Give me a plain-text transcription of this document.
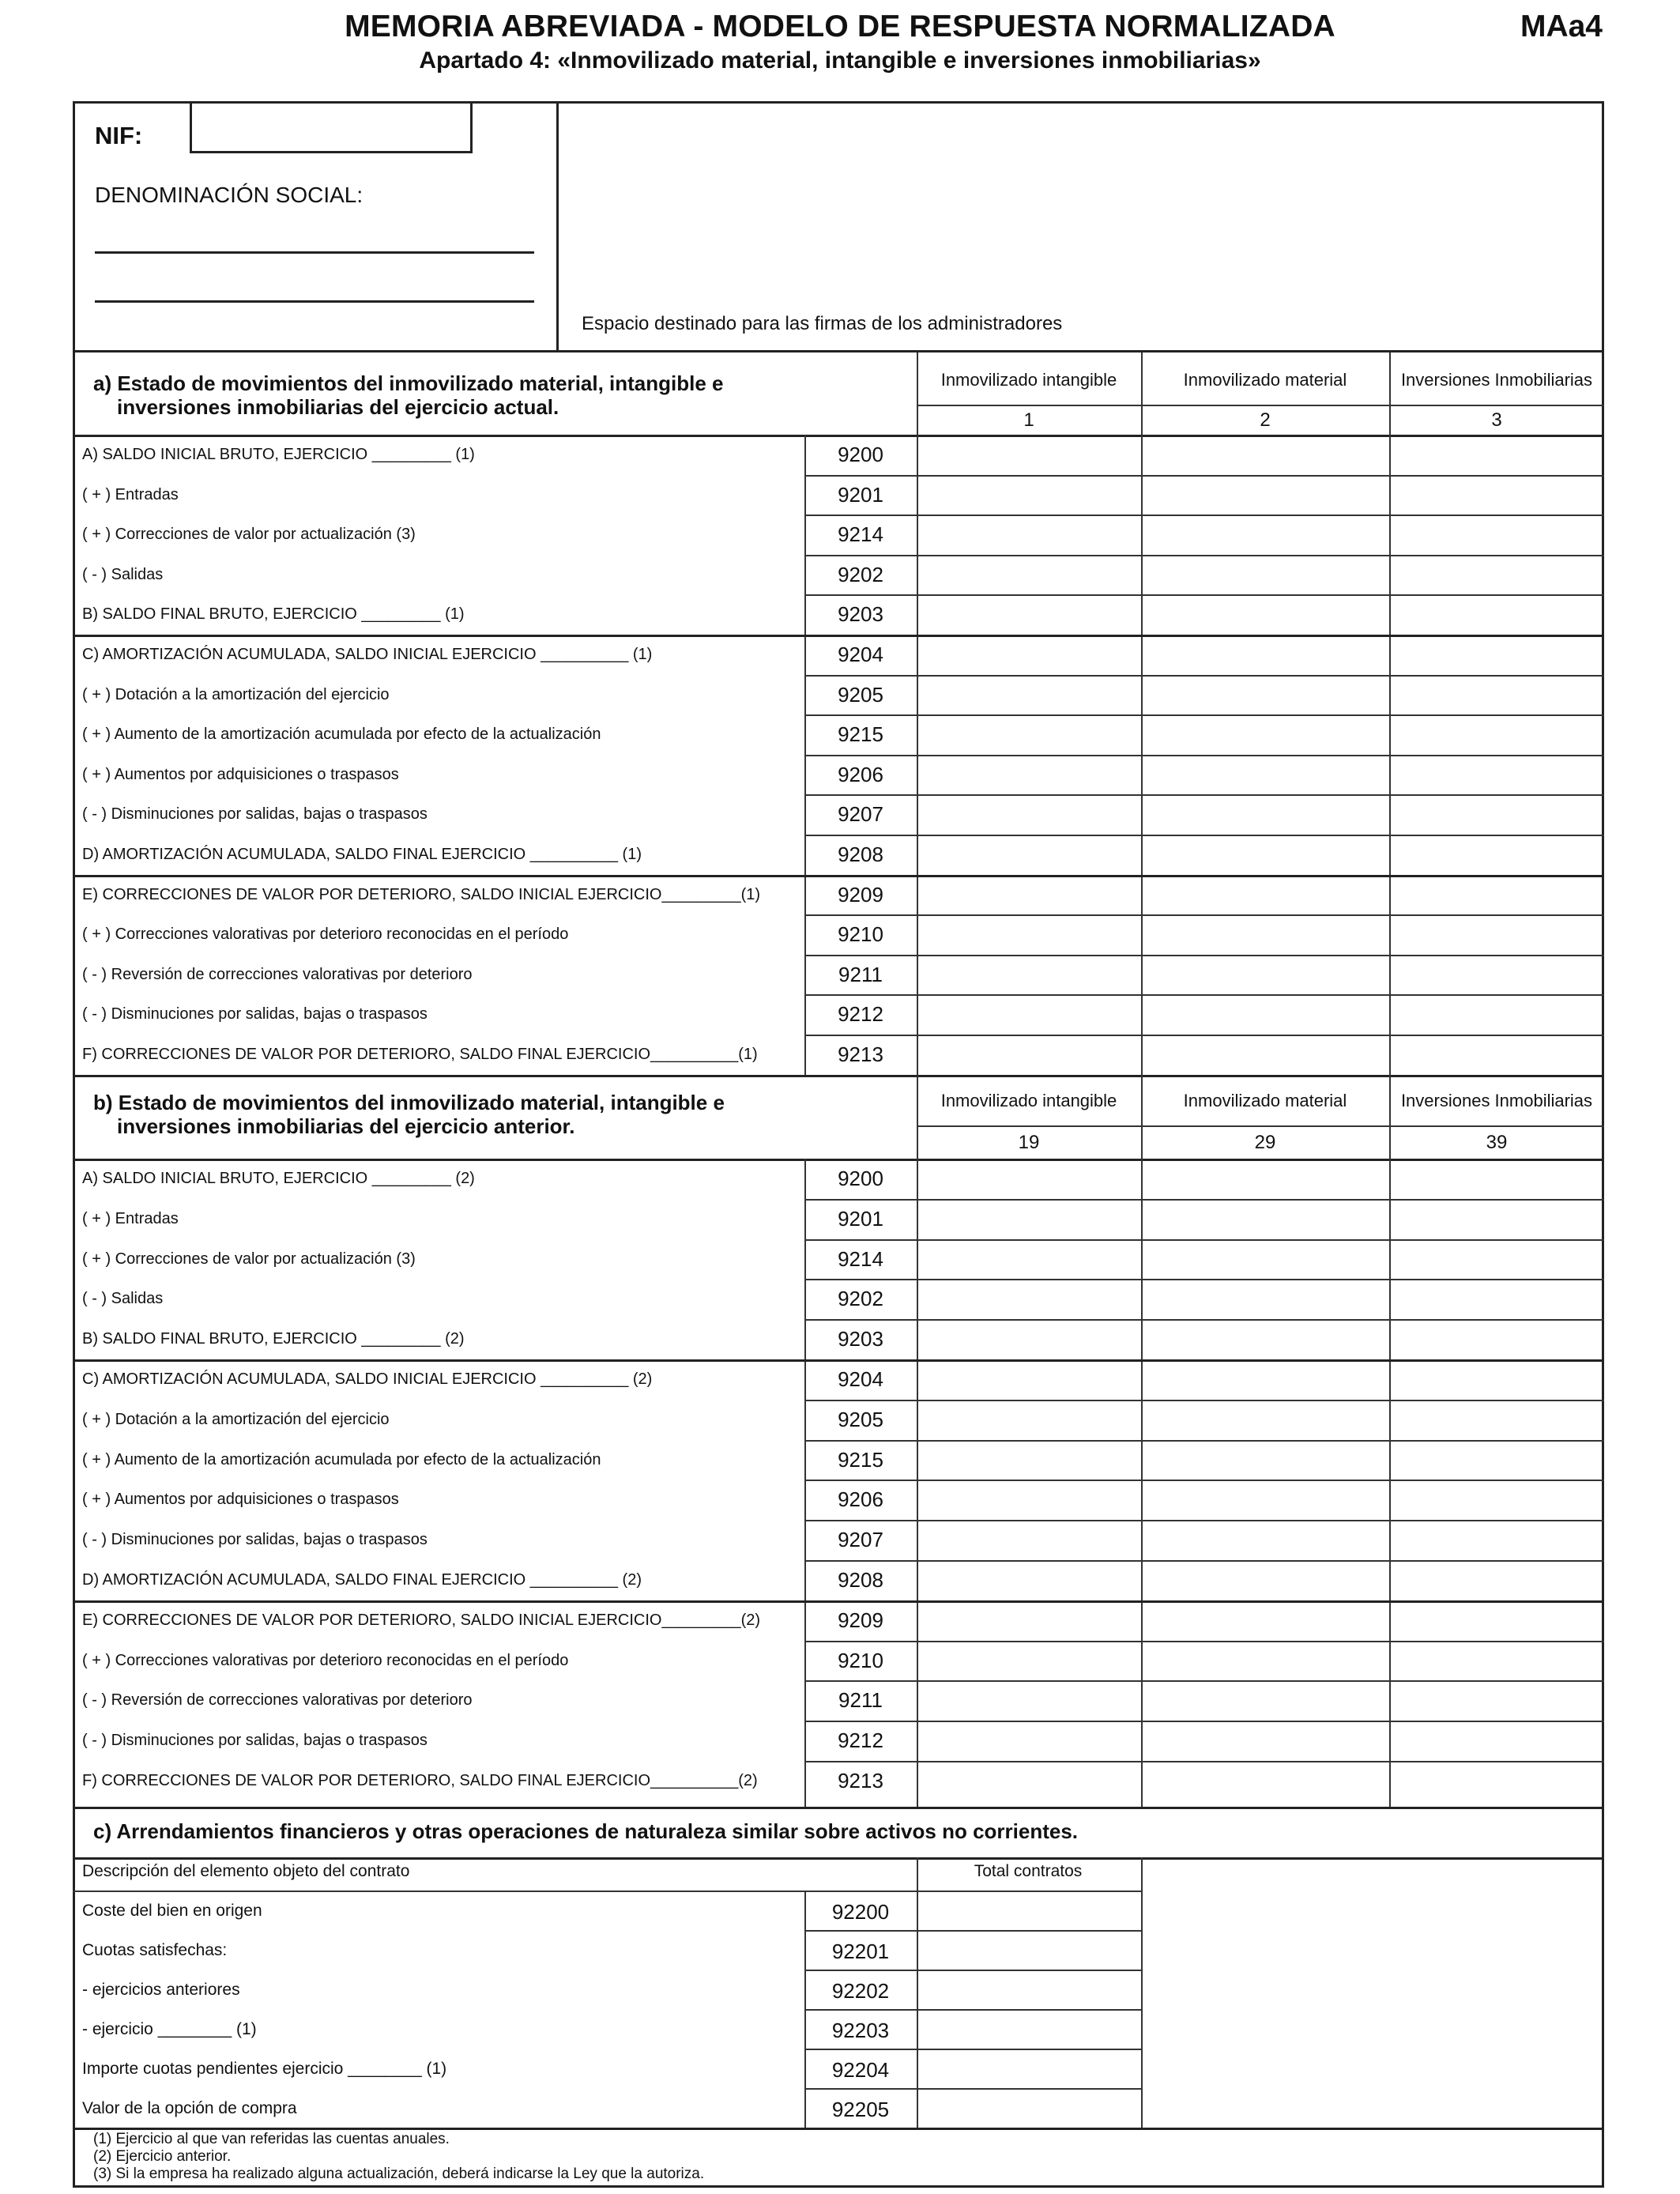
MEMORIA ABREVIADA - MODELO DE RESPUESTA NORMALIZADA
Apartado 4: «Inmovilizado material, intangible e inversiones inmobiliarias»
MAa4
NIF:
DENOMINACIÓN SOCIAL:
Espacio destinado para las firmas de los administradores
a) Estado de movimientos del inmovilizado material, intangible e
inversiones inmobiliarias del ejercicio actual.
Inmovilizado intangible	Inmovilizado material	Inversiones Inmobiliarias
1	2	3
b) Estado de movimientos del inmovilizado material, intangible e
inversiones inmobiliarias del ejercicio anterior.
Inmovilizado intangible	Inmovilizado material	Inversiones Inmobiliarias
19	29	39
c) Arrendamientos financieros y otras operaciones de naturaleza similar sobre activos no corrientes.
Descripción del elemento objeto del contrato	Total contratos
A) SALDO INICIAL BRUTO, EJERCICIO _________ (1)	9200
( + ) Entradas	9201
( + ) Correcciones de valor por actualización (3)	9214
( - ) Salidas	9202
B) SALDO FINAL BRUTO, EJERCICIO _________ (1)	9203
C) AMORTIZACIÓN ACUMULADA, SALDO INICIAL EJERCICIO __________ (1)	9204
( + ) Dotación a la amortización del ejercicio	9205
( + ) Aumento de la amortización acumulada por efecto de la actualización	9215
( + ) Aumentos por adquisiciones o traspasos	9206
( - ) Disminuciones por salidas, bajas o traspasos	9207
D) AMORTIZACIÓN ACUMULADA, SALDO FINAL EJERCICIO __________ (1)	9208
E) CORRECCIONES DE VALOR POR DETERIORO, SALDO INICIAL EJERCICIO_________(1)	9209
( + ) Correcciones valorativas por deterioro reconocidas en el período	9210
( - ) Reversión de correcciones valorativas por deterioro	9211
( - ) Disminuciones por salidas, bajas o traspasos	9212
F) CORRECCIONES DE VALOR POR DETERIORO, SALDO FINAL EJERCICIO__________(1)	9213
A) SALDO INICIAL BRUTO, EJERCICIO _________ (2)	9200
( + ) Entradas	9201
( + ) Correcciones de valor por actualización (3)	9214
( - ) Salidas	9202
B) SALDO FINAL BRUTO, EJERCICIO _________ (2)	9203
C) AMORTIZACIÓN ACUMULADA, SALDO INICIAL EJERCICIO __________ (2)	9204
( + ) Dotación a la amortización del ejercicio	9205
( + ) Aumento de la amortización acumulada por efecto de la actualización	9215
( + ) Aumentos por adquisiciones o traspasos	9206
( - ) Disminuciones por salidas, bajas o traspasos	9207
D) AMORTIZACIÓN ACUMULADA, SALDO FINAL EJERCICIO __________ (2)	9208
E) CORRECCIONES DE VALOR POR DETERIORO, SALDO INICIAL EJERCICIO_________(2)	9209
( + ) Correcciones valorativas por deterioro reconocidas en el período	9210
( - ) Reversión de correcciones valorativas por deterioro	9211
( - ) Disminuciones por salidas, bajas o traspasos	9212
F) CORRECCIONES DE VALOR POR DETERIORO, SALDO FINAL EJERCICIO__________(2)	9213
Coste del bien en origen	92200
Cuotas satisfechas:	92201
- ejercicios anteriores	92202
- ejercicio ________ (1)	92203
Importe cuotas pendientes ejercicio ________ (1)	92204
Valor de la opción de compra	92205
(1) Ejercicio al que van referidas las cuentas anuales.
(2) Ejercicio anterior.
(3) Si la empresa ha realizado alguna actualización, deberá indicarse la Ley que la autoriza.
